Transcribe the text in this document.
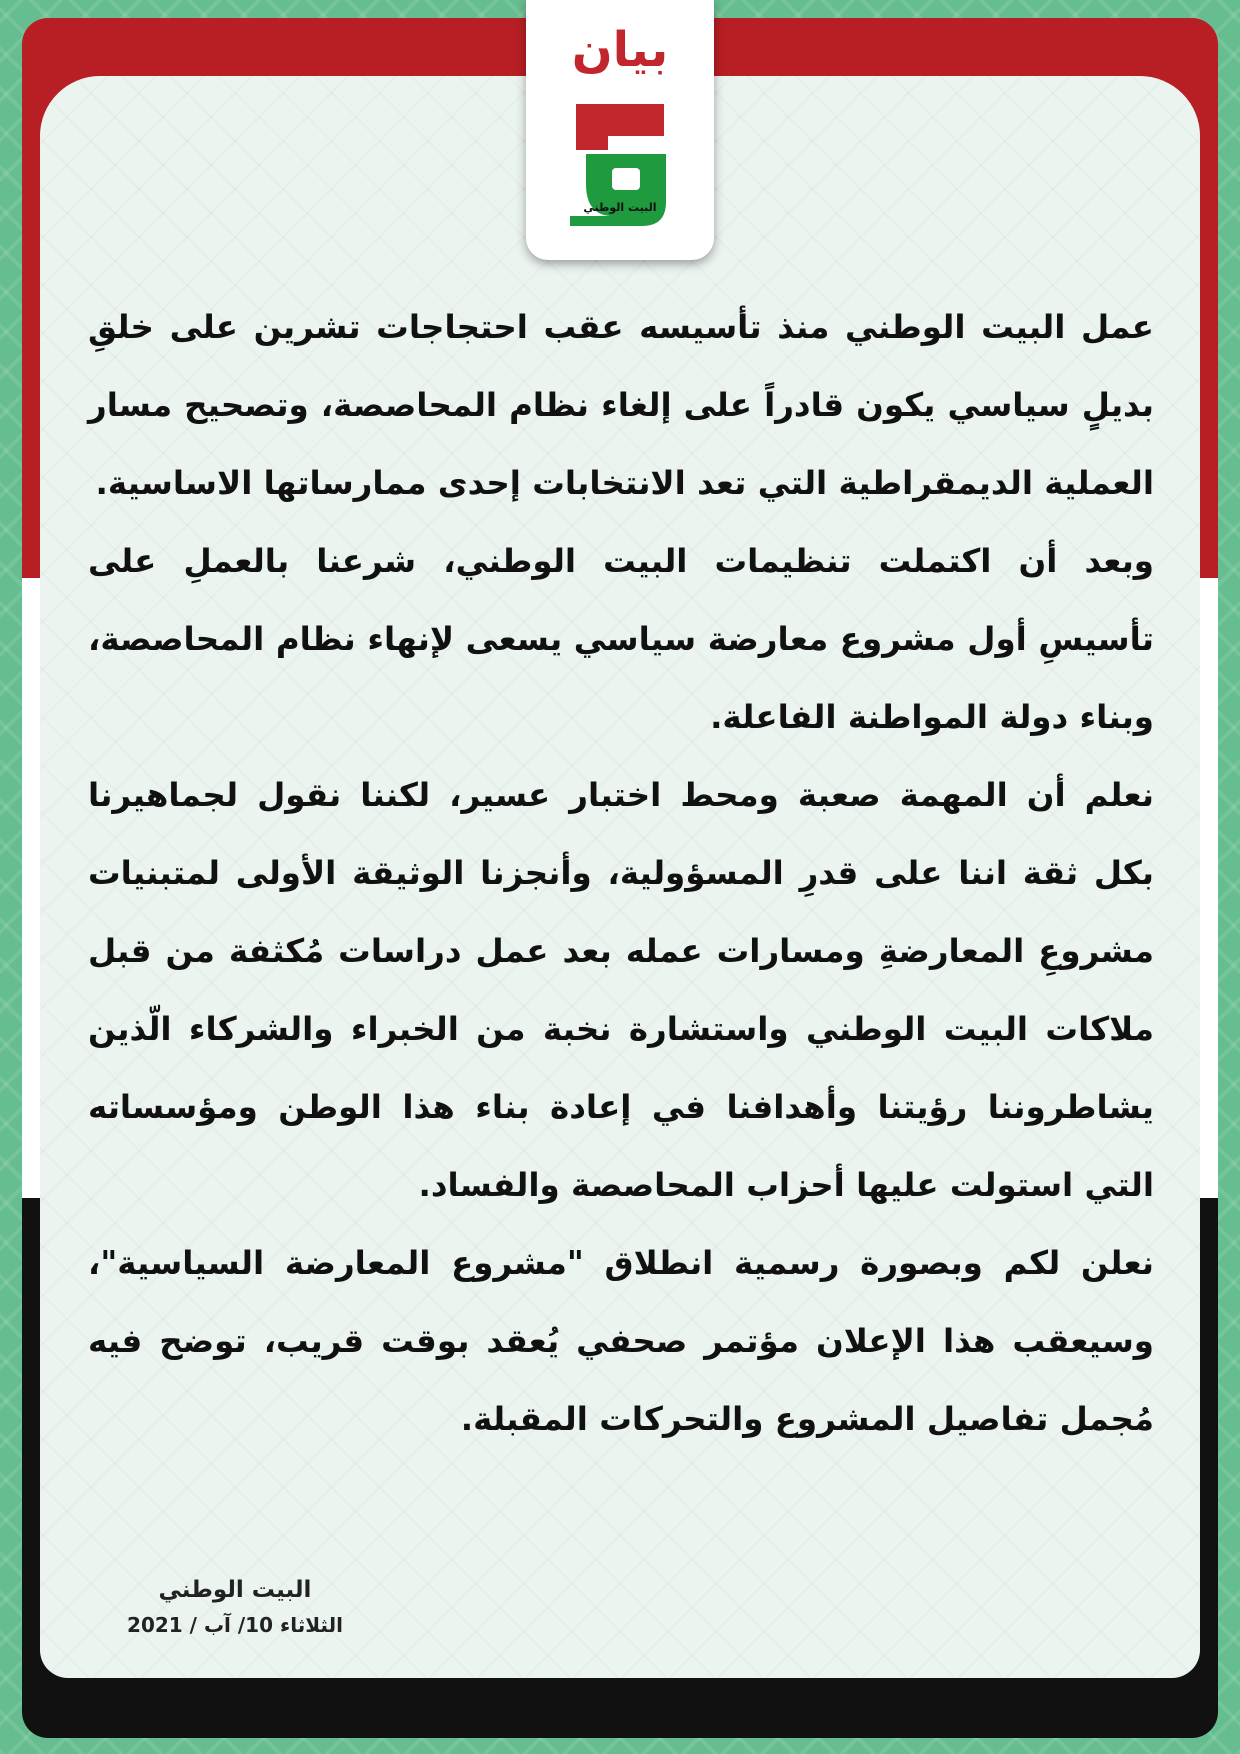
بيان
البيت الوطني

عمل البيت الوطني منذ تأسيسه عقب احتجاجات تشرين على خلقِ بديلٍ سياسي يكون قادراً على إلغاء نظام المحاصصة، وتصحيح مسار العملية الديمقراطية التي تعد الانتخابات إحدى ممارساتها الاساسية.

وبعد أن اكتملت تنظيمات البيت الوطني، شرعنا بالعملِ على تأسيسِ أول مشروع معارضة سياسي يسعى لإنهاء نظام المحاصصة، وبناء دولة المواطنة الفاعلة.

نعلم أن المهمة صعبة ومحط اختبار عسير، لكننا نقول لجماهيرنا بكل ثقة اننا على قدرِ المسؤولية، وأنجزنا الوثيقة الأولى لمتبنيات مشروعِ المعارضةِ ومسارات عمله بعد عمل دراسات مُكثفة من قبل ملاكات البيت الوطني واستشارة نخبة من الخبراء والشركاء الّذين يشاطروننا رؤيتنا وأهدافنا في إعادة بناء هذا الوطن ومؤسساته التي استولت عليها أحزاب المحاصصة والفساد.

نعلن لكم وبصورة رسمية انطلاق "مشروع المعارضة السياسية"، وسيعقب هذا الإعلان مؤتمر صحفي يُعقد بوقت قريب، توضح فيه مُجمل تفاصيل المشروع والتحركات المقبلة.

البيت الوطني
الثلاثاء 10/ آب / 2021
